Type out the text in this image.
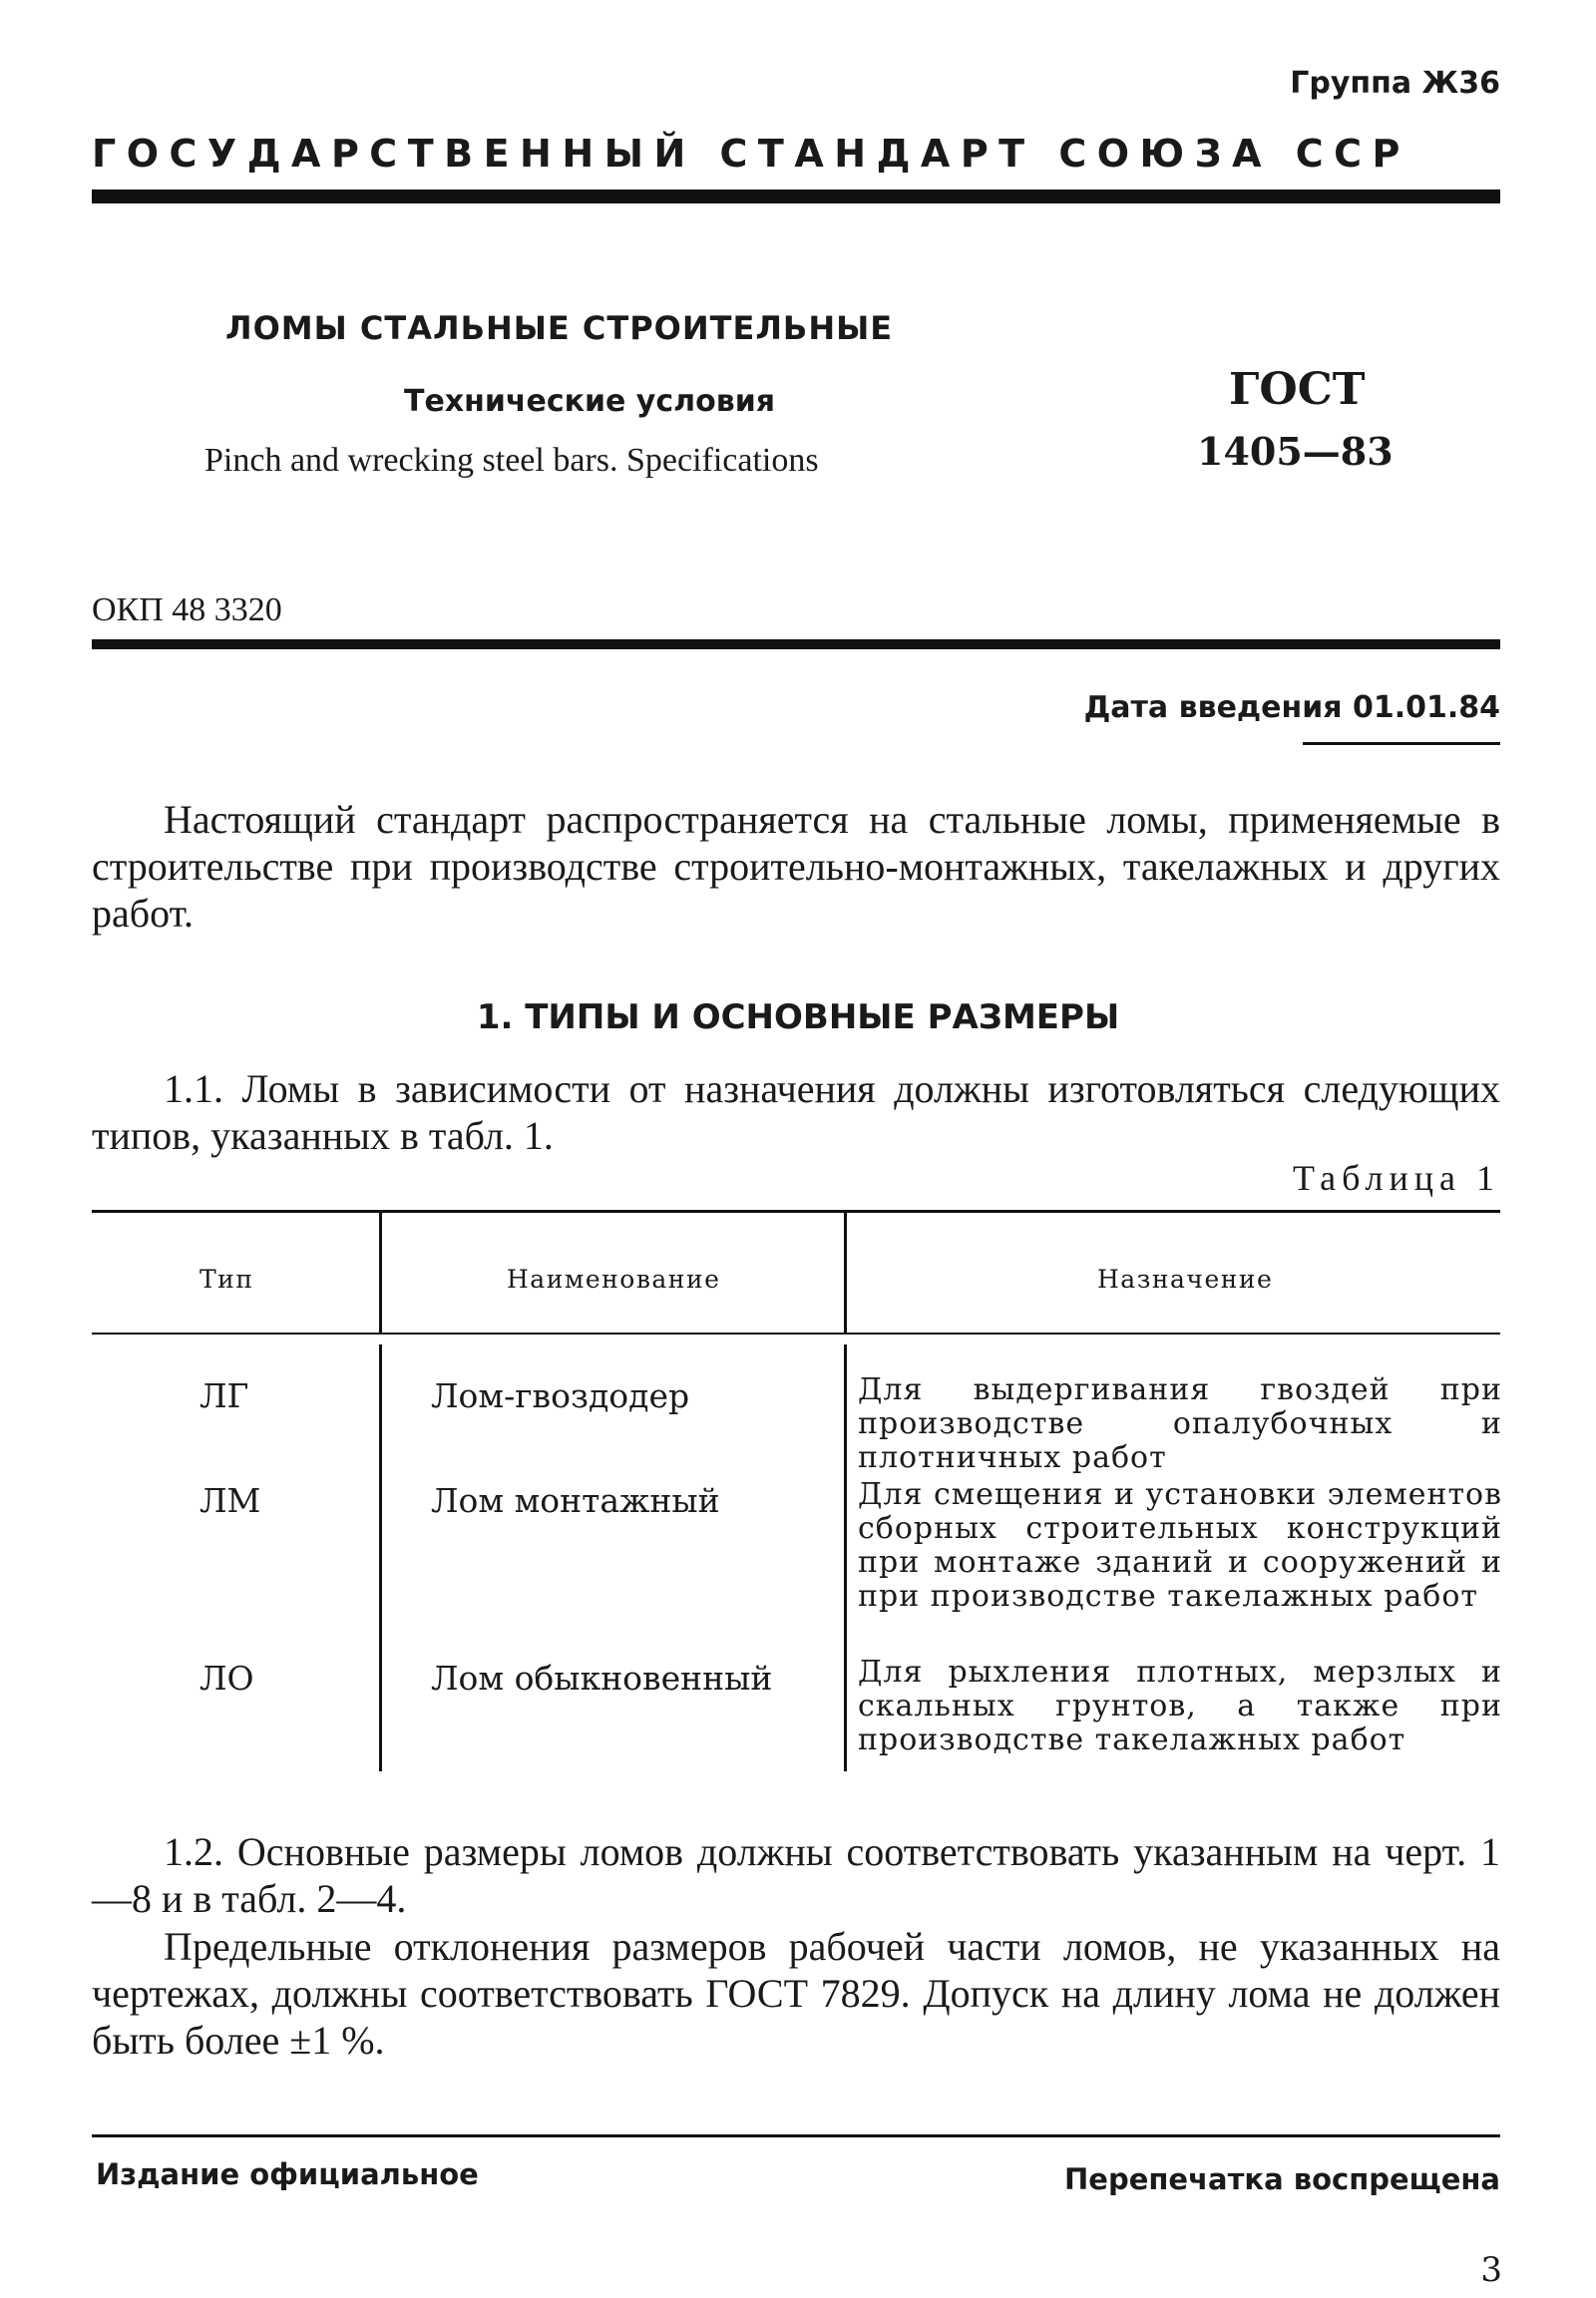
Группа Ж36
ГОСУДАРСТВЕННЫЙ СТАНДАРТ СОЮЗА ССР
ЛОМЫ СТАЛЬНЫЕ СТРОИТЕЛЬНЫЕ
Технические условия
Pinch and wrecking steel bars. Specifications
ГОСТ
1405—83
ОКП 48 3320
Дата введения 01.01.84
Настоящий стандарт распространяется на стальные ломы, применяемые в строительстве при производстве строительно-монтажных, такелажных и других работ.
1. ТИПЫ И ОСНОВНЫЕ РАЗМЕРЫ
1.1. Ломы в зависимости от назначения должны изготовляться следующих типов, указанных в табл. 1.
Таблица 1
Тип	Наименование	Назначение
ЛГ	Лом-гвоздодер	Для выдергивания гвоздей при производстве опалубочных и плотничных работ
ЛМ	Лом монтажный	Для смещения и установки элементов сборных строительных конструкций при монтаже зданий и сооружений и при производстве такелажных работ
ЛО	Лом обыкновенный	Для рыхления плотных, мерзлых и скальных грунтов, а также при производстве такелажных работ
1.2. Основные размеры ломов должны соответствовать указанным на черт. 1—8 и в табл. 2—4.
Предельные отклонения размеров рабочей части ломов, не указанных на чертежах, должны соответствовать ГОСТ 7829. Допуск на длину лома не должен быть более ±1 %.
Издание официальное	Перепечатка воспрещена
3
